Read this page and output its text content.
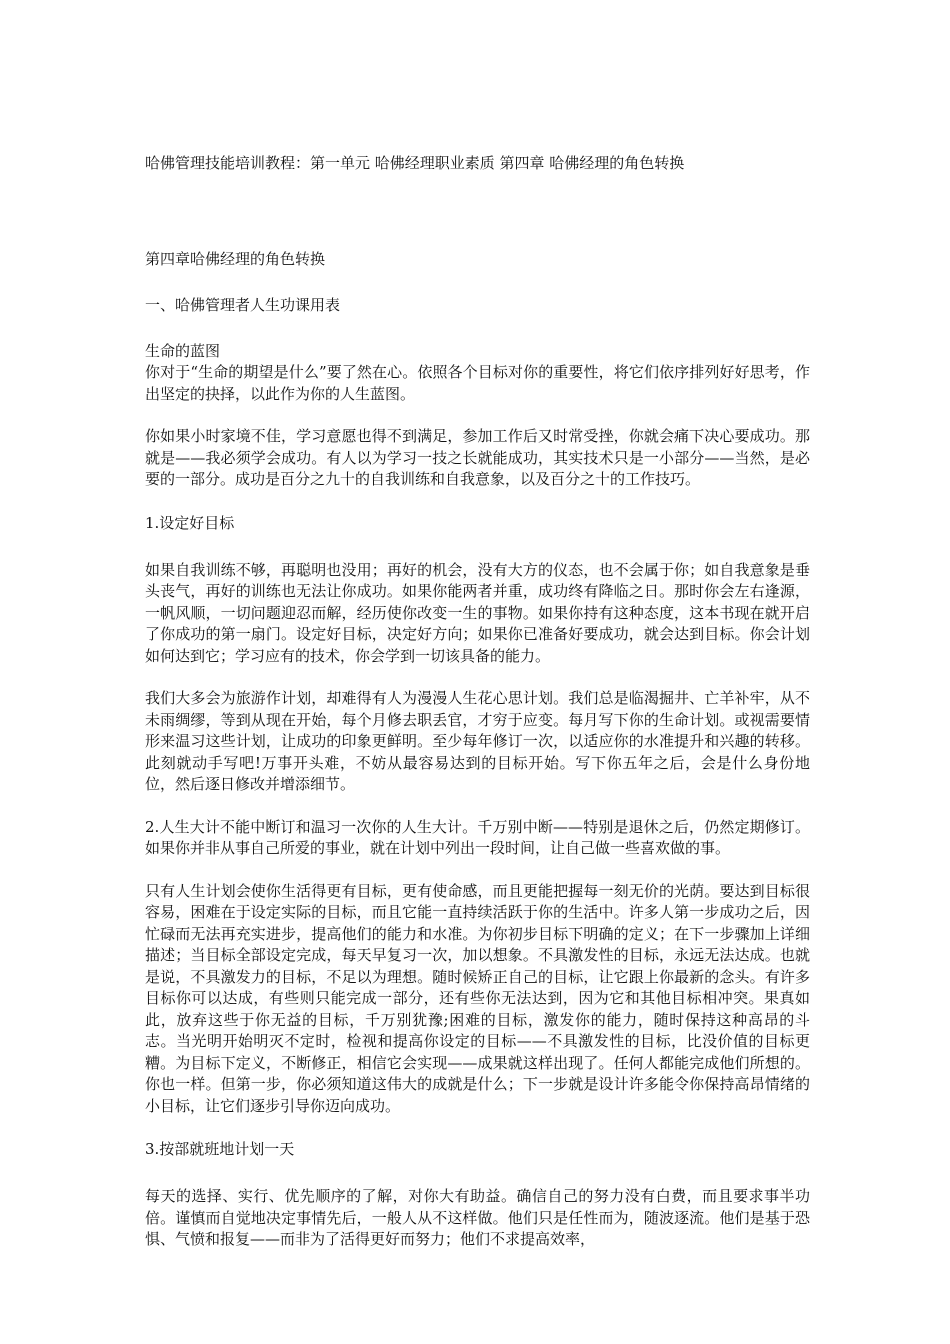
哈佛管理技能培训教程：第一单元 哈佛经理职业素质 第四章 哈佛经理的角色转换

第四章哈佛经理的角色转换

一、哈佛管理者人生功课用表

生命的蓝图

你对于“生命的期望是什么”要了然在心。依照各个目标对你的重要性，将它们依序排列好好思考，作出坚定的抉择，以此作为你的人生蓝图。

你如果小时家境不佳，学习意愿也得不到满足，参加工作后又时常受挫，你就会痛下决心要成功。那就是——我必须学会成功。有人以为学习一技之长就能成功，其实技术只是一小部分——当然，是必要的一部分。成功是百分之九十的自我训练和自我意象，以及百分之十的工作技巧。

1.设定好目标

如果自我训练不够，再聪明也没用；再好的机会，没有大方的仪态，也不会属于你；如自我意象是垂头丧气，再好的训练也无法让你成功。如果你能两者并重，成功终有降临之日。那时你会左右逢源，一帆风顺，一切问题迎忍而解，经历使你改变一生的事物。如果你持有这种态度，这本书现在就开启了你成功的第一扇门。设定好目标，决定好方向；如果你已准备好要成功，就会达到目标。你会计划如何达到它；学习应有的技术，你会学到一切该具备的能力。

我们大多会为旅游作计划，却难得有人为漫漫人生花心思计划。我们总是临渴掘井、亡羊补牢，从不未雨绸缪，等到从现在开始，每个月修去职丢官，才穷于应变。每月写下你的生命计划。或视需要情形来温习这些计划，让成功的印象更鲜明。至少每年修订一次，以适应你的水准提升和兴趣的转移。此刻就动手写吧!万事开头难，不妨从最容易达到的目标开始。写下你五年之后，会是什么身份地位，然后逐日修改并增添细节。

2.人生大计不能中断订和温习一次你的人生大计。千万别中断——特别是退休之后，仍然定期修订。如果你并非从事自己所爱的事业，就在计划中列出一段时间，让自己做一些喜欢做的事。

只有人生计划会使你生活得更有目标，更有使命感，而且更能把握每一刻无价的光荫。要达到目标很容易，困难在于设定实际的目标，而且它能一直持续活跃于你的生活中。许多人第一步成功之后，因忙碌而无法再充实进步，提高他们的能力和水准。为你初步目标下明确的定义；在下一步骤加上详细描述；当目标全部设定完成，每天早复习一次，加以想象。不具激发性的目标，永远无法达成。也就是说，不具激发力的目标，不足以为理想。随时候矫正自己的目标，让它跟上你最新的念头。有许多目标你可以达成，有些则只能完成一部分，还有些你无法达到，因为它和其他目标相冲突。果真如此，放弃这些于你无益的目标，千万别犹豫;困难的目标，激发你的能力，随时保持这种高昂的斗志。当光明开始明灭不定时，检视和提高你设定的目标——不具激发性的目标，比没价值的目标更糟。为目标下定义，不断修正，相信它会实现——成果就这样出现了。任何人都能完成他们所想的。你也一样。但第一步，你必须知道这伟大的成就是什么；下一步就是设计许多能令你保持高昂情绪的小目标，让它们逐步引导你迈向成功。

3.按部就班地计划一天

每天的选择、实行、优先顺序的了解，对你大有助益。确信自己的努力没有白费，而且要求事半功倍。谨慎而自觉地决定事情先后，一般人从不这样做。他们只是任性而为，随波逐流。他们是基于恐惧、气愤和报复——而非为了活得更好而努力；他们不求提高效率，
